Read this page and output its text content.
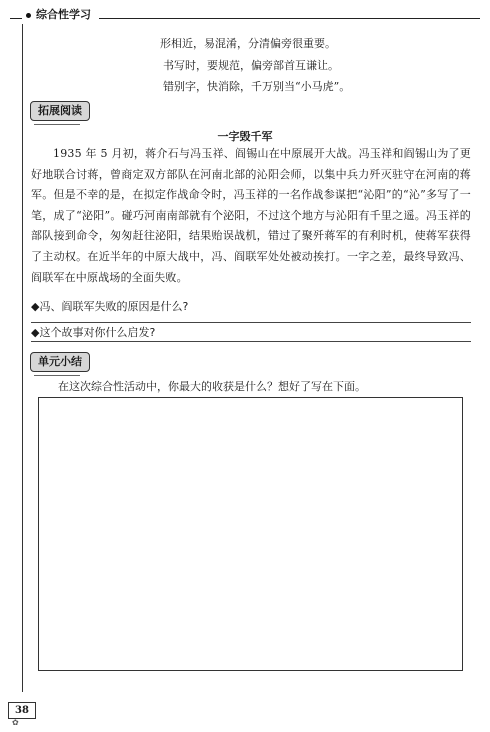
综合性学习
形相近，易混淆，分清偏旁很重要。
书写时，要规范，偏旁部首互谦让。
错别字，快消除，千万别当“小马虎”。
拓展阅读
一字毁千军
1935 年 5 月初，蒋介石与冯玉祥、阎锡山在中原展开大战。冯玉祥和阎锡山为了更好地联合讨蒋，曾商定双方部队在河南北部的沁阳会师，以集中兵力歼灭驻守在河南的蒋军。但是不幸的是，在拟定作战命令时，冯玉祥的一名作战参谋把“沁阳”的“沁”多写了一笔，成了“泌阳”。碰巧河南南部就有个泌阳，不过这个地方与沁阳有千里之遥。冯玉祥的部队接到命令，匆匆赶往泌阳，结果贻误战机，错过了聚歼蒋军的有利时机，使蒋军获得了主动权。在近半年的中原大战中，冯、阎联军处处被动挨打。一字之差，最终导致冯、阎联军在中原战场的全面失败。
◆冯、阎联军失败的原因是什么?
◆这个故事对你什么启发?
单元小结
在这次综合性活动中，你最大的收获是什么？想好了写在下面。
38
✿
